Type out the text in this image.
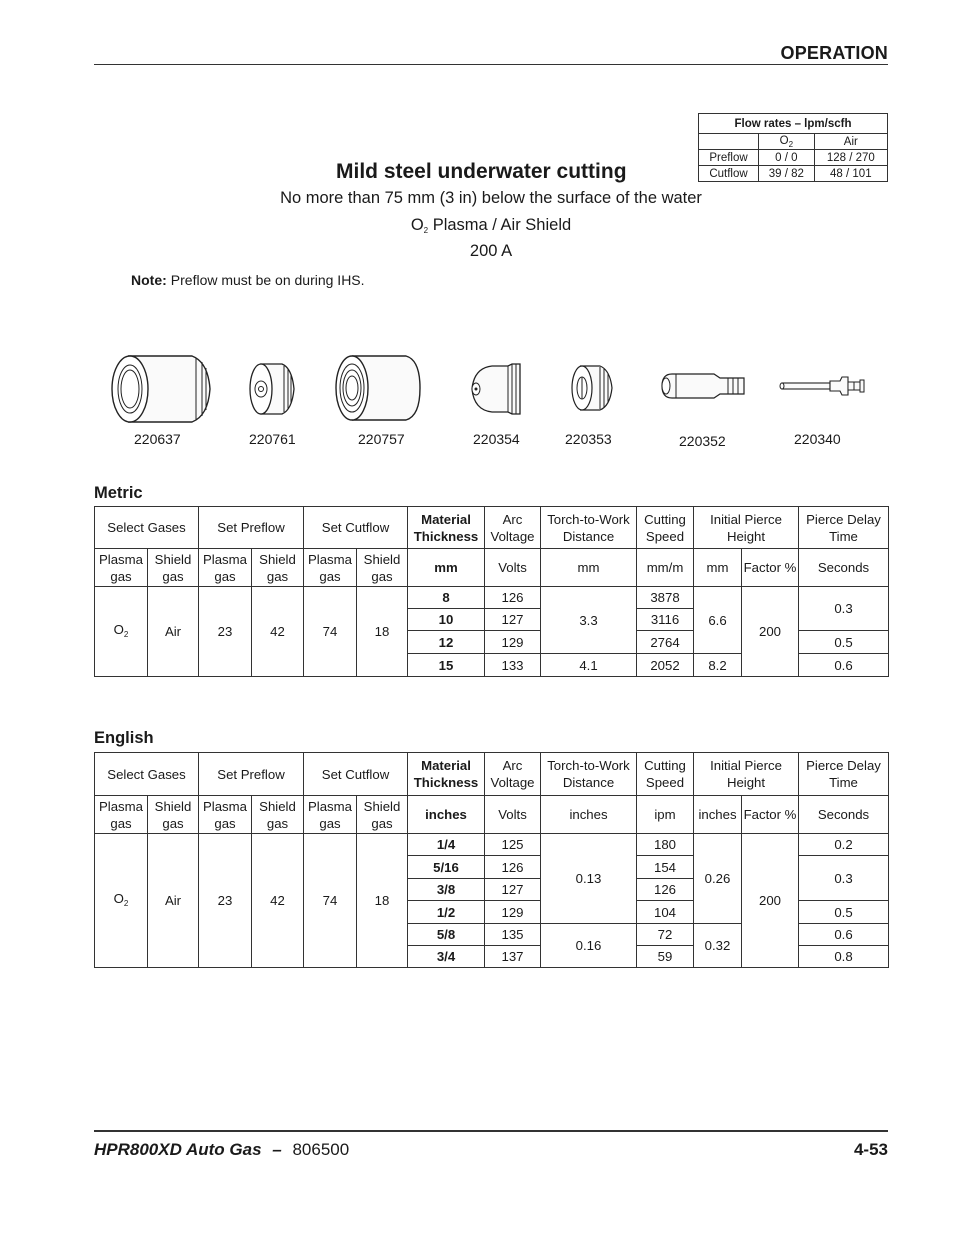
OPERATION
Flow rates – lpm/scfh		
	$O_2$	Air
Preflow	0 / 0	128 / 270
Cutflow	39 / 82	48 / 101
Mild steel underwater cutting
No more than 75 mm (3 in) below the surface of the water
$O_2$ Plasma / Air Shield
200 A
Note: Preflow must be on during IHS.
220637	220761	220757	220354	220353	220352	220340
Metric
Select Gases		Set Preflow		Set Cutflow		Material Thickness	Arc Voltage	Torch-to-Work Distance	Cutting Speed	Initial Pierce Height		Pierce Delay Time
Plasma gas	Shield gas	Plasma gas	Shield gas	Plasma gas	Shield gas	mm	Volts	mm	mm/m	mm	Factor %	Seconds
$O_2$	Air	23	42	74	18	8	126	3.3	3878	6.6	200	0.3
						10	127		3116			
						12	129		2764			0.5
						15	133	4.1	2052	8.2		0.6
English
Select Gases		Set Preflow		Set Cutflow		Material Thickness	Arc Voltage	Torch-to-Work Distance	Cutting Speed	Initial Pierce Height		Pierce Delay Time
Plasma gas	Shield gas	Plasma gas	Shield gas	Plasma gas	Shield gas	inches	Volts	inches	ipm	inches	Factor %	Seconds
$O_2$	Air	23	42	74	18	1/4	125	0.13	180	0.26	200	0.2
						5/16	126		154			0.3
						3/8	127		126			
						1/2	129		104			0.5
						5/8	135	0.16	72	0.32		0.6
						3/4	137		59			0.8
HPR800XD Auto Gas – 806500	4-53
